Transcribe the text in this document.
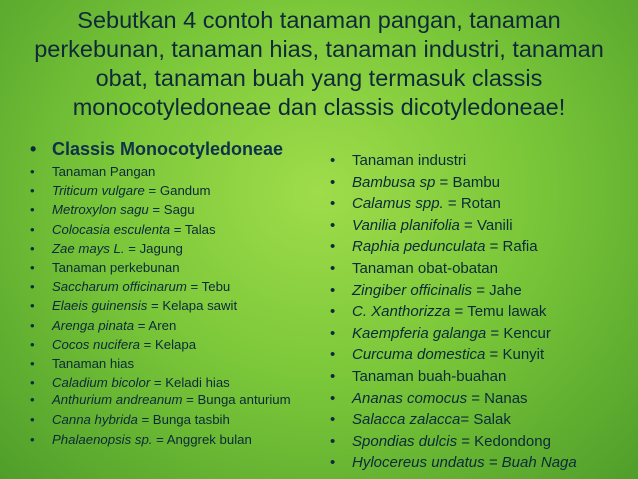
Sebutkan 4 contoh tanaman pangan, tanaman
perkebunan, tanaman hias, tanaman industri, tanaman
obat, tanaman buah yang termasuk classis
monocotyledoneae dan classis dicotyledoneae!
• Classis Monocotyledoneae
• Tanaman Pangan
• Triticum vulgare = Gandum
• Metroxylon sagu = Sagu
• Colocasia esculenta = Talas
• Zae mays L. = Jagung
• Tanaman perkebunan
• Saccharum officinarum = Tebu
• Elaeis guinensis = Kelapa sawit
• Arenga pinata = Aren
• Cocos nucifera = Kelapa
• Tanaman hias
• Caladium bicolor = Keladi hias
• Anthurium andreanum = Bunga anturium
• Canna hybrida = Bunga tasbih
• Phalaenopsis sp. = Anggrek bulan
• Tanaman industri
• Bambusa sp = Bambu
• Calamus spp. = Rotan
• Vanilia planifolia = Vanili
• Raphia pedunculata = Rafia
• Tanaman obat-obatan
• Zingiber officinalis = Jahe
• C. Xanthorizza = Temu lawak
• Kaempferia galanga = Kencur
• Curcuma domestica = Kunyit
• Tanaman buah-buahan
• Ananas comocus = Nanas
• Salacca zalacca= Salak
• Spondias dulcis = Kedondong
• Hylocereus undatus = Buah Naga
